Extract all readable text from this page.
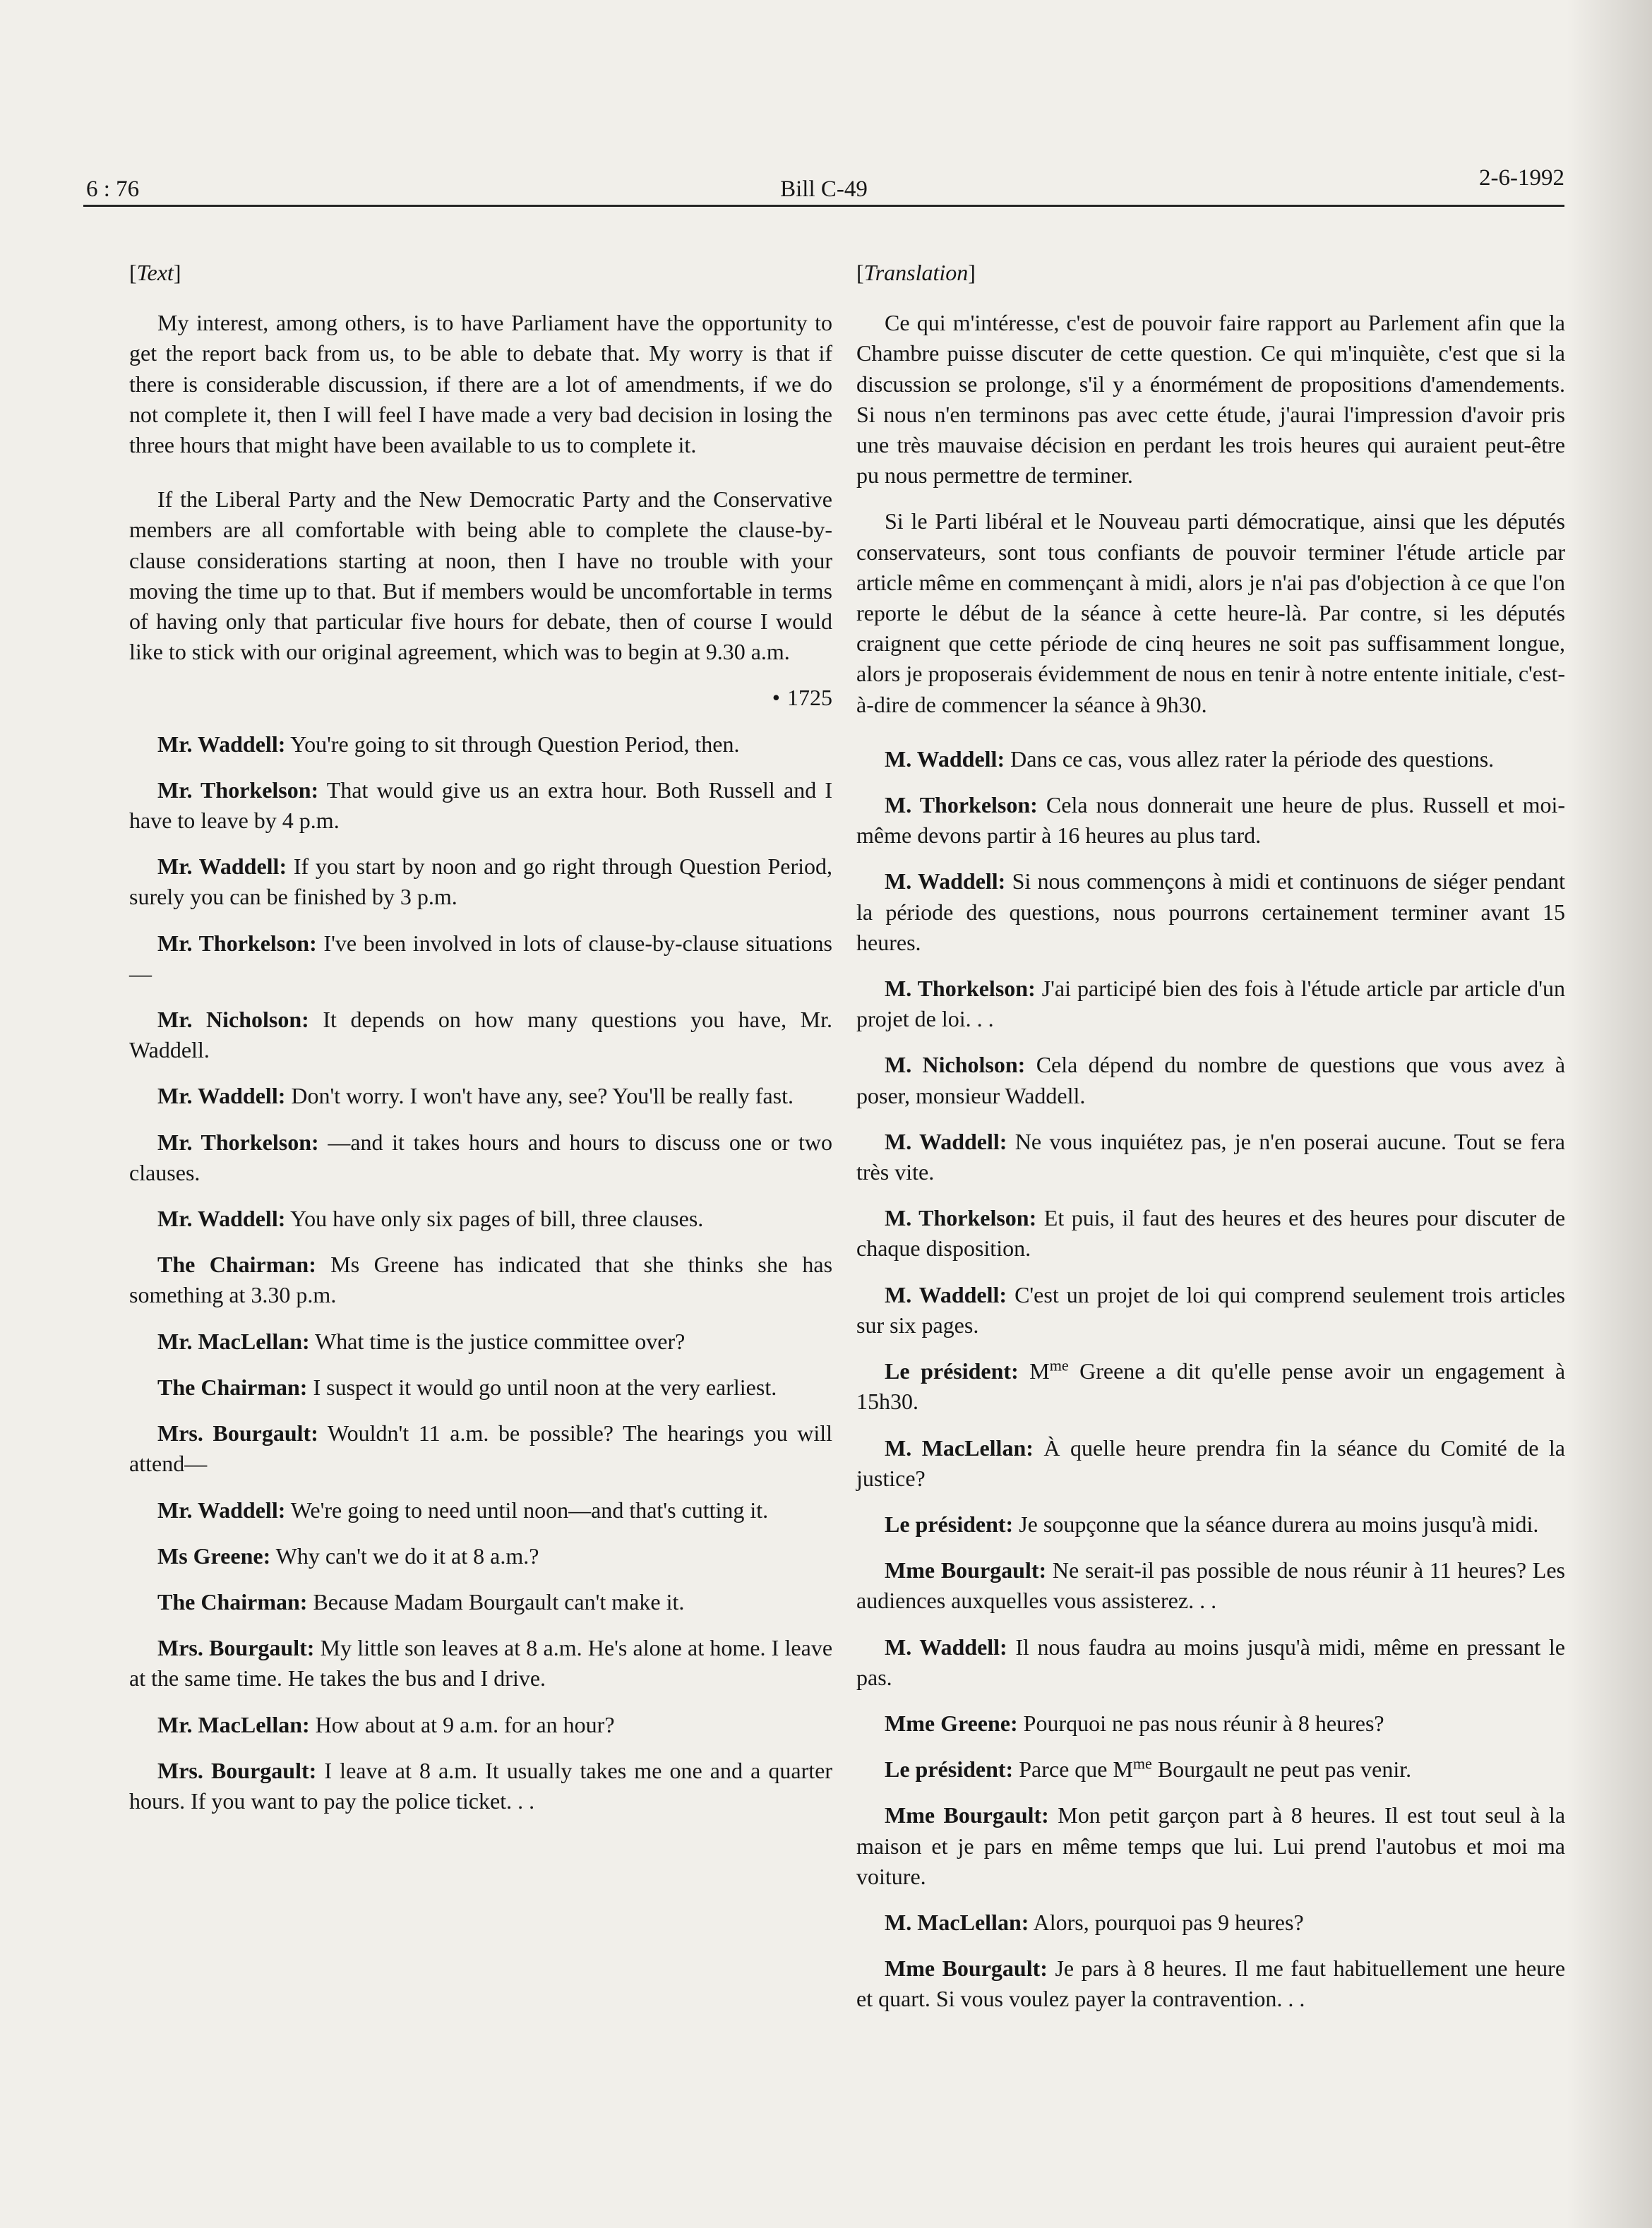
6 : 76	Bill C-49	2-6-1992
[Text]

My interest, among others, is to have Parliament have the opportunity to get the report back from us, to be able to debate that. My worry is that if there is considerable discussion, if there are a lot of amendments, if we do not complete it, then I will feel I have made a very bad decision in losing the three hours that might have been available to us to complete it.

If the Liberal Party and the New Democratic Party and the Conservative members are all comfortable with being able to complete the clause-by-clause considerations starting at noon, then I have no trouble with your moving the time up to that. But if members would be uncomfortable in terms of having only that particular five hours for debate, then of course I would like to stick with our original agreement, which was to begin at 9.30 a.m.

• 1725

Mr. Waddell: You're going to sit through Question Period, then.

Mr. Thorkelson: That would give us an extra hour. Both Russell and I have to leave by 4 p.m.

Mr. Waddell: If you start by noon and go right through Question Period, surely you can be finished by 3 p.m.

Mr. Thorkelson: I've been involved in lots of clause-by-clause situations—

Mr. Nicholson: It depends on how many questions you have, Mr. Waddell.

Mr. Waddell: Don't worry. I won't have any, see? You'll be really fast.

Mr. Thorkelson: —and it takes hours and hours to discuss one or two clauses.

Mr. Waddell: You have only six pages of bill, three clauses.

The Chairman: Ms Greene has indicated that she thinks she has something at 3.30 p.m.

Mr. MacLellan: What time is the justice committee over?

The Chairman: I suspect it would go until noon at the very earliest.

Mrs. Bourgault: Wouldn't 11 a.m. be possible? The hearings you will attend—

Mr. Waddell: We're going to need until noon—and that's cutting it.

Ms Greene: Why can't we do it at 8 a.m.?

The Chairman: Because Madam Bourgault can't make it.

Mrs. Bourgault: My little son leaves at 8 a.m. He's alone at home. I leave at the same time. He takes the bus and I drive.

Mr. MacLellan: How about at 9 a.m. for an hour?

Mrs. Bourgault: I leave at 8 a.m. It usually takes me one and a quarter hours. If you want to pay the police ticket. . .

[Translation]

Ce qui m'intéresse, c'est de pouvoir faire rapport au Parlement afin que la Chambre puisse discuter de cette question. Ce qui m'inquiète, c'est que si la discussion se prolonge, s'il y a énormément de propositions d'amendements. Si nous n'en terminons pas avec cette étude, j'aurai l'impression d'avoir pris une très mauvaise décision en perdant les trois heures qui auraient peut-être pu nous permettre de terminer.

Si le Parti libéral et le Nouveau parti démocratique, ainsi que les députés conservateurs, sont tous confiants de pouvoir terminer l'étude article par article même en commençant à midi, alors je n'ai pas d'objection à ce que l'on reporte le début de la séance à cette heure-là. Par contre, si les députés craignent que cette période de cinq heures ne soit pas suffisamment longue, alors je proposerais évidemment de nous en tenir à notre entente initiale, c'est-à-dire de commencer la séance à 9h30.

M. Waddell: Dans ce cas, vous allez rater la période des questions.

M. Thorkelson: Cela nous donnerait une heure de plus. Russell et moi-même devons partir à 16 heures au plus tard.

M. Waddell: Si nous commençons à midi et continuons de siéger pendant la période des questions, nous pourrons certainement terminer avant 15 heures.

M. Thorkelson: J'ai participé bien des fois à l'étude article par article d'un projet de loi. . .

M. Nicholson: Cela dépend du nombre de questions que vous avez à poser, monsieur Waddell.

M. Waddell: Ne vous inquiétez pas, je n'en poserai aucune. Tout se fera très vite.

M. Thorkelson: Et puis, il faut des heures et des heures pour discuter de chaque disposition.

M. Waddell: C'est un projet de loi qui comprend seulement trois articles sur six pages.

Le président: $M^{me}$ Greene a dit qu'elle pense avoir un engagement à 15h30.

M. MacLellan: À quelle heure prendra fin la séance du Comité de la justice?

Le président: Je soupçonne que la séance durera au moins jusqu'à midi.

Mme Bourgault: Ne serait-il pas possible de nous réunir à 11 heures? Les audiences auxquelles vous assisterez. . .

M. Waddell: Il nous faudra au moins jusqu'à midi, même en pressant le pas.

Mme Greene: Pourquoi ne pas nous réunir à 8 heures?

Le président: Parce que $M^{me}$ Bourgault ne peut pas venir.

Mme Bourgault: Mon petit garçon part à 8 heures. Il est tout seul à la maison et je pars en même temps que lui. Lui prend l'autobus et moi ma voiture.

M. MacLellan: Alors, pourquoi pas 9 heures?

Mme Bourgault: Je pars à 8 heures. Il me faut habituellement une heure et quart. Si vous voulez payer la contravention. . .
